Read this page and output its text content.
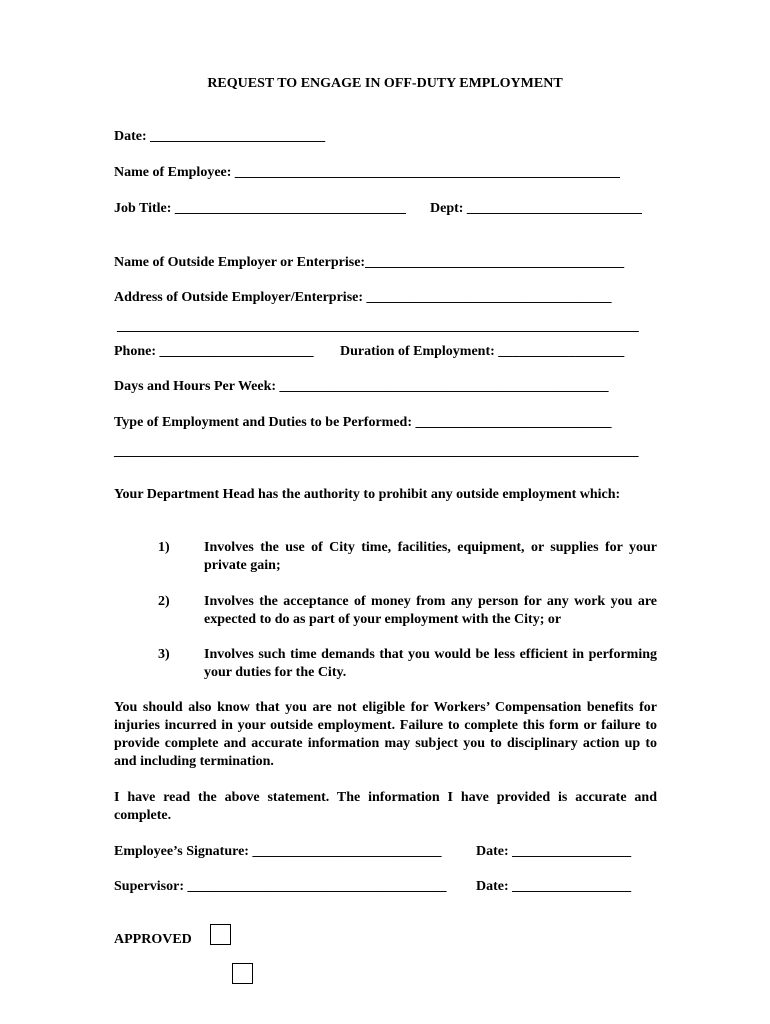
REQUEST TO ENGAGE IN OFF-DUTY EMPLOYMENT
Date: _________________________
Name of Employee: _______________________________________________________
Job Title: _________________________________ Dept: _________________________
Name of Outside Employer or Enterprise:_____________________________________
Address of Outside Employer/Enterprise: ___________________________________
_______________________________________________________________________________
Phone: ______________________ Duration of Employment: __________________
Days and Hours Per Week: _______________________________________________
Type of Employment and Duties to be Performed: ____________________________
________________________________________________________________________________
Your Department Head has the authority to prohibit any outside employment which:
1) Involves the use of City time, facilities, equipment, or supplies for your private gain;
2) Involves the acceptance of money from any person for any work you are expected to do as part of your employment with the City; or
3) Involves such time demands that you would be less efficient in performing your duties for the City.
You should also know that you are not eligible for Workers’ Compensation benefits for injuries incurred in your outside employment. Failure to complete this form or failure to provide complete and accurate information may subject you to disciplinary action up to and including termination.
I have read the above statement. The information I have provided is accurate and complete.
Employee’s Signature: ___________________________ Date: _________________
Supervisor: _____________________________________ Date: _________________
APPROVED
